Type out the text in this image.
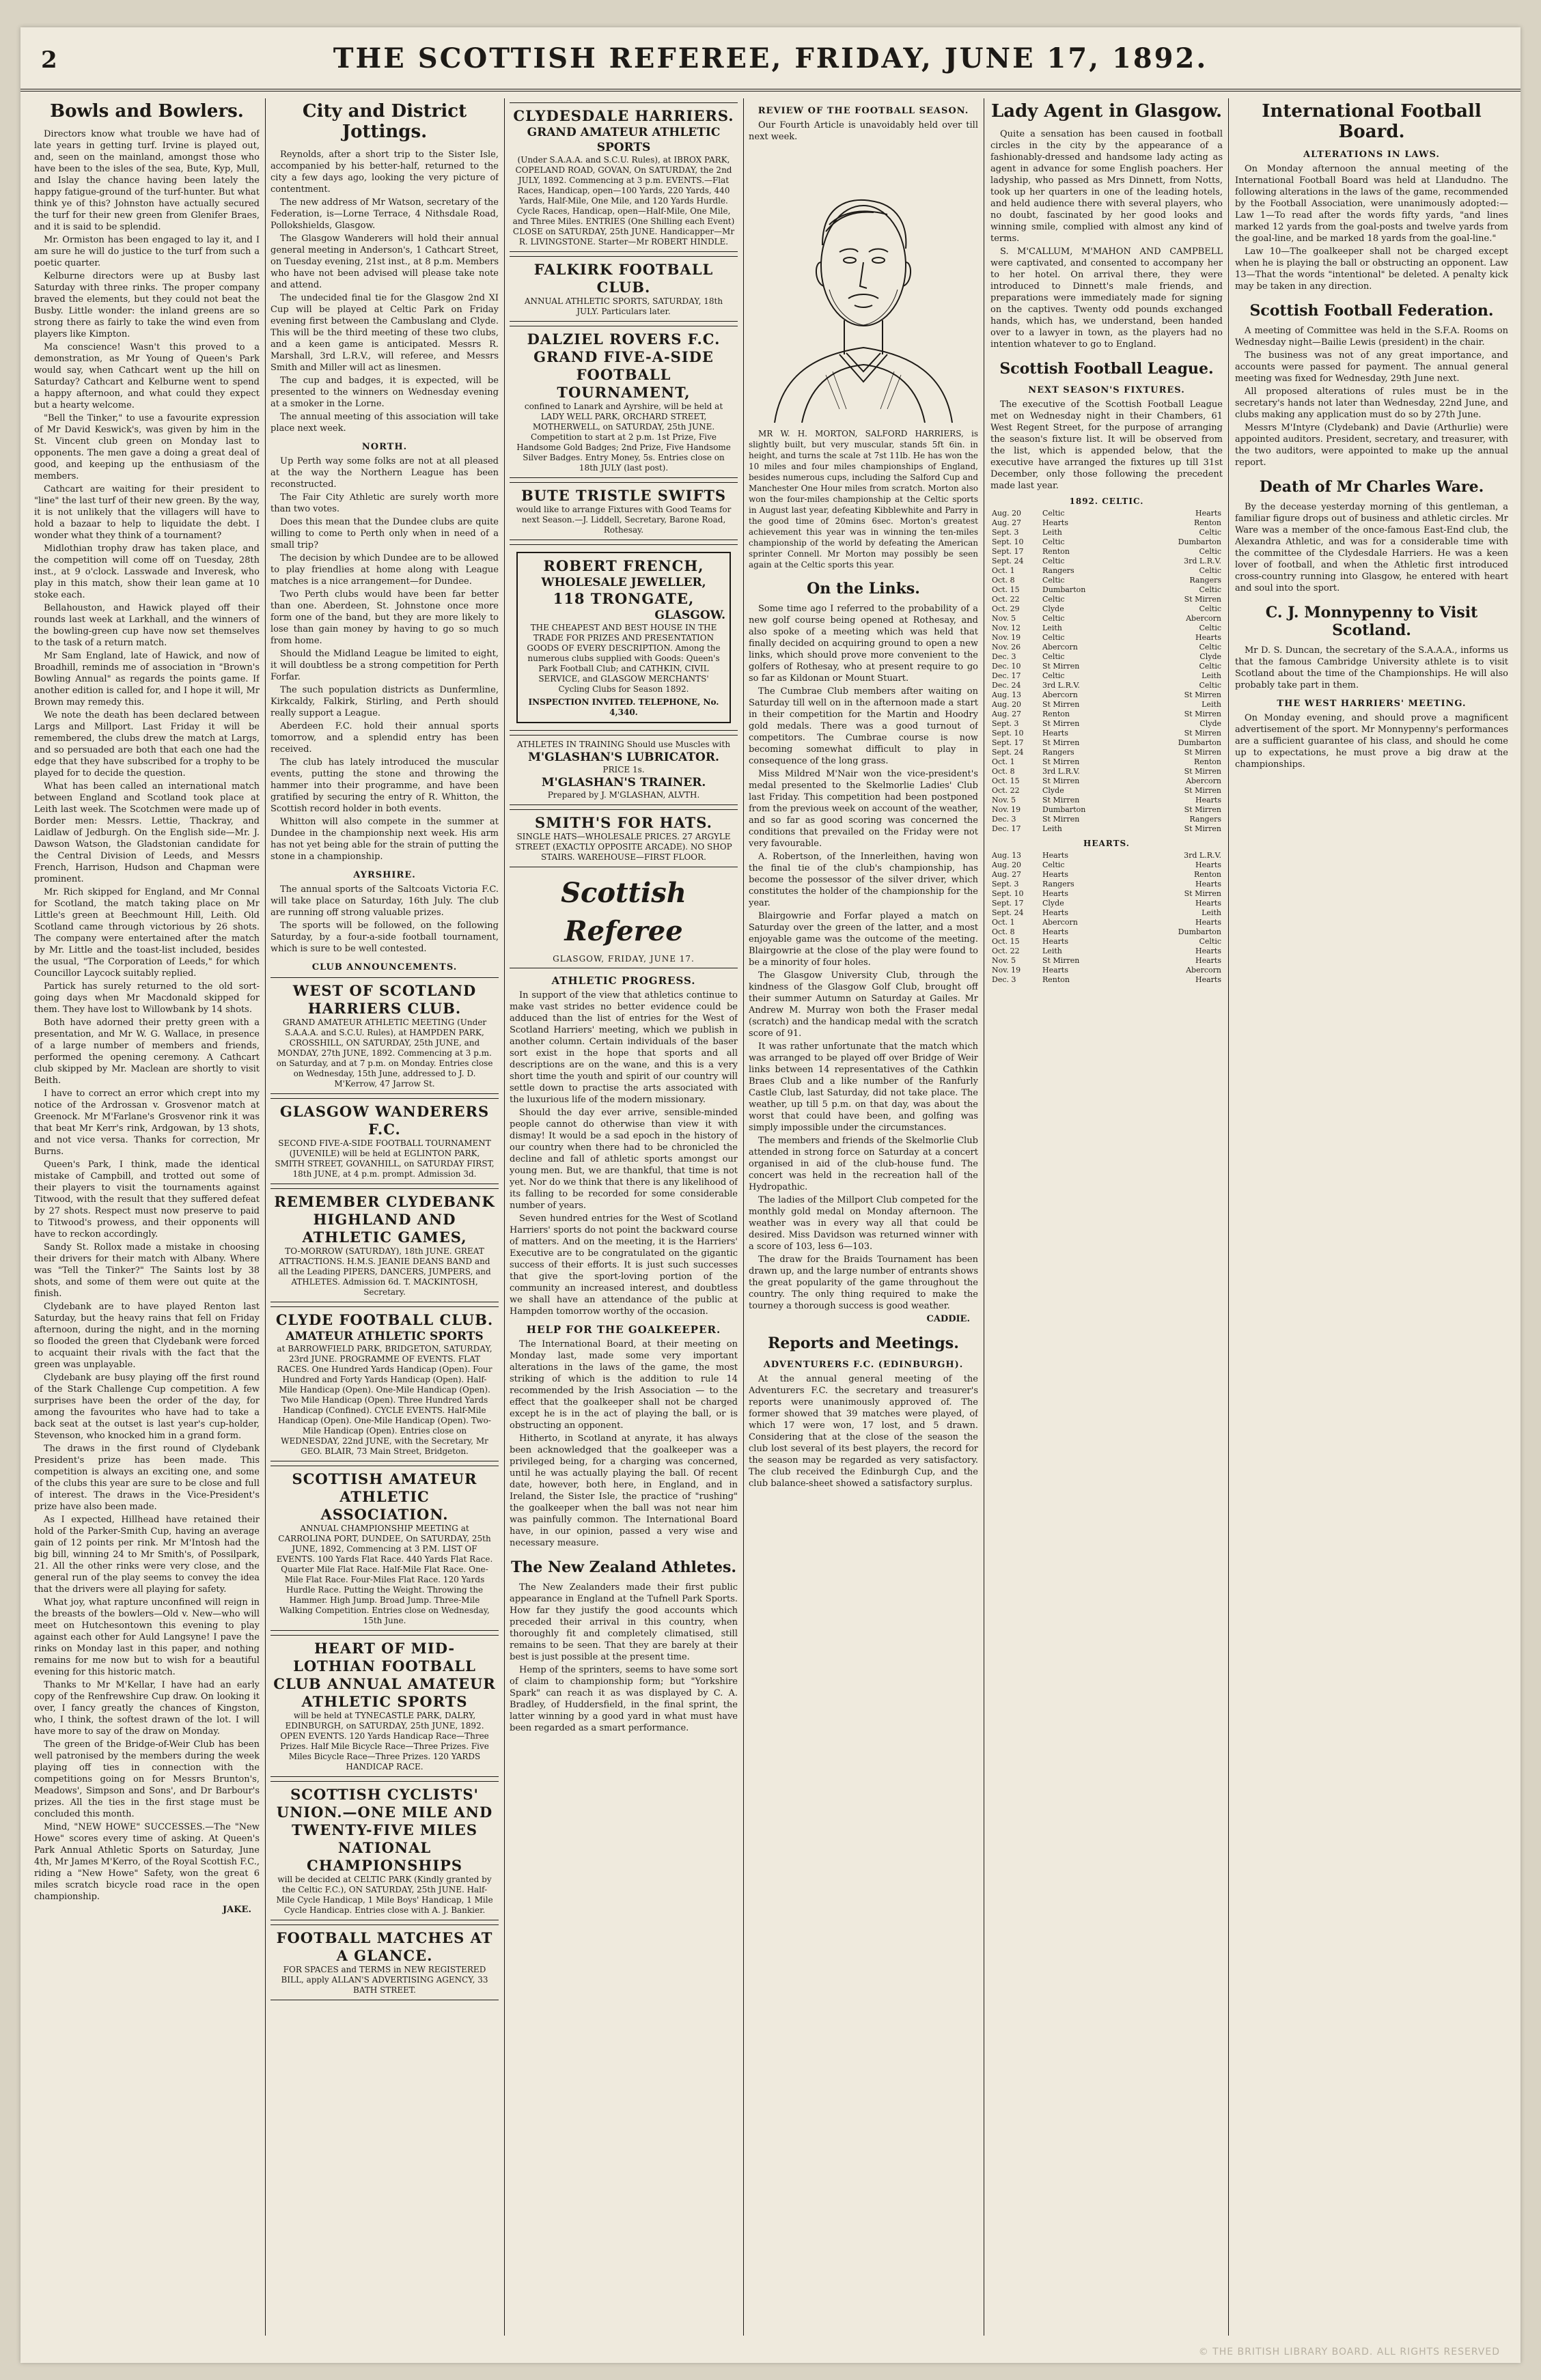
2	THE SCOTTISH REFEREE, FRIDAY, JUNE 17, 1892.
Bowls and Bowlers.

Directors know what trouble we have had of late years in getting turf. Irvine is played out, and, seen on the mainland, amongst those who have been to the isles of the sea, Bute, Kyp, Mull, and Islay the chance having been lately the happy fatigue-ground of the turf-hunter. But what think ye of this? Johnston have actually secured the turf for their new green from Glenifer Braes, and it is said to be splendid.

Mr. Ormiston has been engaged to lay it, and I am sure he will do justice to the turf from such a poetic quarter.

Kelburne directors were up at Busby last Saturday with three rinks. The proper company braved the elements, but they could not beat the Busby. Little wonder: the inland greens are so strong there as fairly to take the wind even from players like Kimpton.

Ma conscience! Wasn't this proved to a demonstration, as Mr Young of Queen's Park would say, when Cathcart went up the hill on Saturday? Cathcart and Kelburne went to spend a happy afternoon, and what could they expect but a hearty welcome.

"Bell the Tinker," to use a favourite expression of Mr David Keswick's, was given by him in the St. Vincent club green on Monday last to opponents. The men gave a doing a great deal of good, and keeping up the enthusiasm of the members.

Cathcart are waiting for their president to "line" the last turf of their new green. By the way, it is not unlikely that the villagers will have to hold a bazaar to help to liquidate the debt. I wonder what they think of a tournament?

Midlothian trophy draw has taken place, and the competition will come off on Tuesday, 28th inst., at 9 o'clock. Lasswade and Inveresk, who play in this match, show their lean game at 10 stoke each.

Bellahouston, and Hawick played off their rounds last week at Larkhall, and the winners of the bowling-green cup have now set themselves to the task of a return match.

Mr Sam England, late of Hawick, and now of Broadhill, reminds me of association in "Brown's Bowling Annual" as regards the points game. If another edition is called for, and I hope it will, Mr Brown may remedy this.

We note the death has been declared between Largs and Millport. Last Friday it will be remembered, the clubs drew the match at Largs, and so persuaded are both that each one had the edge that they have subscribed for a trophy to be played for to decide the question.

What has been called an international match between England and Scotland took place at Leith last week. The Scotchmen were made up of Border men: Messrs. Lettie, Thackray, and Laidlaw of Jedburgh. On the English side—Mr. J. Dawson Watson, the Gladstonian candidate for the Central Division of Leeds, and Messrs French, Harrison, Hudson and Chapman were prominent.

Mr. Rich skipped for England, and Mr Connal for Scotland, the match taking place on Mr Little's green at Beechmount Hill, Leith. Old Scotland came through victorious by 26 shots. The company were entertained after the match by Mr. Little and the toast-list included, besides the usual, "The Corporation of Leeds," for which Councillor Laycock suitably replied.

Partick has surely returned to the old sort-going days when Mr Macdonald skipped for them. They have lost to Willowbank by 14 shots.

Both have adorned their pretty green with a presentation, and Mr W. G. Wallace, in presence of a large number of members and friends, performed the opening ceremony. A Cathcart club skipped by Mr. Maclean are shortly to visit Beith.

I have to correct an error which crept into my notice of the Ardrossan v. Grosvenor match at Greenock. Mr M'Farlane's Grosvenor rink it was that beat Mr Kerr's rink, Ardgowan, by 13 shots, and not vice versa. Thanks for correction, Mr Burns.

Queen's Park, I think, made the identical mistake of Campbill, and trotted out some of their players to visit the tournaments against Titwood, with the result that they suffered defeat by 27 shots. Respect must now preserve to paid to Titwood's prowess, and their opponents will have to reckon accordingly.

Sandy St. Rollox made a mistake in choosing their drivers for their match with Albany. Where was "Tell the Tinker?" The Saints lost by 38 shots, and some of them were out quite at the finish.

Clydebank are to have played Renton last Saturday, but the heavy rains that fell on Friday afternoon, during the night, and in the morning so flooded the green that Clydebank were forced to acquaint their rivals with the fact that the green was unplayable.

Clydebank are busy playing off the first round of the Stark Challenge Cup competition. A few surprises have been the order of the day, for among the favourites who have had to take a back seat at the outset is last year's cup-holder, Stevenson, who knocked him in a grand form.

The draws in the first round of Clydebank President's prize has been made. This competition is always an exciting one, and some of the clubs this year are sure to be close and full of interest. The draws in the Vice-President's prize have also been made.

As I expected, Hillhead have retained their hold of the Parker-Smith Cup, having an average gain of 12 points per rink. Mr M'Intosh had the big bill, winning 24 to Mr Smith's, of Possilpark, 21. All the other rinks were very close, and the general run of the play seems to convey the idea that the drivers were all playing for safety.

What joy, what rapture unconfined will reign in the breasts of the bowlers—Old v. New—who will meet on Hutchesontown this evening to play against each other for Auld Langsyne! I pave the rinks on Monday last in this paper, and nothing remains for me now but to wish for a beautiful evening for this historic match.

Thanks to Mr M'Kellar, I have had an early copy of the Renfrewshire Cup draw. On looking it over, I fancy greatly the chances of Kingston, who, I think, the softest drawn of the lot. I will have more to say of the draw on Monday.

The green of the Bridge-of-Weir Club has been well patronised by the members during the week playing off ties in connection with the competitions going on for Messrs Brunton's, Meadows', Simpson and Sons', and Dr Barbour's prizes. All the ties in the first stage must be concluded this month.

Mind, "NEW HOWE" SUCCESSES.—The "New Howe" scores every time of asking. At Queen's Park Annual Athletic Sports on Saturday, June 4th, Mr James M'Kerro, of the Royal Scottish F.C., riding a "New Howe" Safety, won the great 6 miles scratch bicycle road race in the open championship.

JAKE.
City and District Jottings.

Reynolds, after a short trip to the Sister Isle, accompanied by his better-half, returned to the city a few days ago, looking the very picture of contentment.

The new address of Mr Watson, secretary of the Federation, is—Lorne Terrace, 4 Nithsdale Road, Pollokshields, Glasgow.

The Glasgow Wanderers will hold their annual general meeting in Anderson's, 1 Cathcart Street, on Tuesday evening, 21st inst., at 8 p.m. Members who have not been advised will please take note and attend.

The undecided final tie for the Glasgow 2nd XI Cup will be played at Celtic Park on Friday evening first between the Cambuslang and Clyde. This will be the third meeting of these two clubs, and a keen game is anticipated. Messrs R. Marshall, 3rd L.R.V., will referee, and Messrs Smith and Miller will act as linesmen.

The cup and badges, it is expected, will be presented to the winners on Wednesday evening at a smoker in the Lorne.

The annual meeting of this association will take place next week.

NORTH.

Up Perth way some folks are not at all pleased at the way the Northern League has been reconstructed.

The Fair City Athletic are surely worth more than two votes.

Does this mean that the Dundee clubs are quite willing to come to Perth only when in need of a small trip?

The decision by which Dundee are to be allowed to play friendlies at home along with League matches is a nice arrangement—for Dundee.

Two Perth clubs would have been far better than one. Aberdeen, St. Johnstone once more form one of the band, but they are more likely to lose than gain money by having to go so much from home.

Should the Midland League be limited to eight, it will doubtless be a strong competition for Perth Forfar.

The such population districts as Dunfermline, Kirkcaldy, Falkirk, Stirling, and Perth should really support a League.

Aberdeen F.C. hold their annual sports tomorrow, and a splendid entry has been received.

The club has lately introduced the muscular events, putting the stone and throwing the hammer into their programme, and have been gratified by securing the entry of R. Whitton, the Scottish record holder in both events.

Whitton will also compete in the summer at Dundee in the championship next week. His arm has not yet being able for the strain of putting the stone in a championship.

AYRSHIRE.

The annual sports of the Saltcoats Victoria F.C. will take place on Saturday, 16th July. The club are running off strong valuable prizes.

The sports will be followed, on the following Saturday, by a four-a-side football tournament, which is sure to be well contested.

CLUB ANNOUNCEMENTS.
WEST OF SCOTLAND HARRIERS CLUB.
GRAND AMATEUR ATHLETIC MEETING (Under S.A.A.A. and S.C.U. Rules), at HAMPDEN PARK, CROSSHILL, ON SATURDAY, 25th JUNE, and MONDAY, 27th JUNE, 1892. Commencing at 3 p.m. on Saturday, and at 7 p.m. on Monday. Entries close on Wednesday, 15th June, addressed to J. D. M'Kerrow, 47 Jarrow St.
GLASGOW WANDERERS F.C.
SECOND FIVE-A-SIDE FOOTBALL TOURNAMENT (JUVENILE) will be held at EGLINTON PARK, SMITH STREET, GOVANHILL, on SATURDAY FIRST, 18th JUNE, at 4 p.m. prompt. Admission 3d.
REMEMBER CLYDEBANK HIGHLAND AND ATHLETIC GAMES,
TO-MORROW (SATURDAY), 18th JUNE. GREAT ATTRACTIONS. H.M.S. JEANIE DEANS BAND and all the Leading PIPERS, DANCERS, JUMPERS, and ATHLETES. Admission 6d. T. MACKINTOSH, Secretary.
CLYDE FOOTBALL CLUB.
AMATEUR ATHLETIC SPORTS
at BARROWFIELD PARK, BRIDGETON, SATURDAY, 23rd JUNE. PROGRAMME OF EVENTS. FLAT RACES. One Hundred Yards Handicap (Open). Four Hundred and Forty Yards Handicap (Open). Half-Mile Handicap (Open). One-Mile Handicap (Open). Two Mile Handicap (Open). Three Hundred Yards Handicap (Confined). CYCLE EVENTS. Half-Mile Handicap (Open). One-Mile Handicap (Open). Two-Mile Handicap (Open). Entries close on WEDNESDAY, 22nd JUNE, with the Secretary, Mr GEO. BLAIR, 73 Main Street, Bridgeton.
SCOTTISH AMATEUR ATHLETIC ASSOCIATION.
ANNUAL CHAMPIONSHIP MEETING at CARROLINA PORT, DUNDEE, On SATURDAY, 25th JUNE, 1892, Commencing at 3 P.M. LIST OF EVENTS. 100 Yards Flat Race. 440 Yards Flat Race. Quarter Mile Flat Race. Half-Mile Flat Race. One-Mile Flat Race. Four-Miles Flat Race. 120 Yards Hurdle Race. Putting the Weight. Throwing the Hammer. High Jump. Broad Jump. Three-Mile Walking Competition. Entries close on Wednesday, 15th June.
HEART OF MID-LOTHIAN FOOTBALL CLUB ANNUAL AMATEUR ATHLETIC SPORTS
will be held at TYNECASTLE PARK, DALRY, EDINBURGH, on SATURDAY, 25th JUNE, 1892. OPEN EVENTS. 120 Yards Handicap Race—Three Prizes. Half Mile Bicycle Race—Three Prizes. Five Miles Bicycle Race—Three Prizes. 120 YARDS HANDICAP RACE.
SCOTTISH CYCLISTS' UNION.—ONE MILE AND TWENTY-FIVE MILES NATIONAL CHAMPIONSHIPS
will be decided at CELTIC PARK (Kindly granted by the Celtic F.C.), ON SATURDAY, 25th JUNE. Half-Mile Cycle Handicap, 1 Mile Boys' Handicap, 1 Mile Cycle Handicap. Entries close with A. J. Bankier.
FOOTBALL MATCHES AT A GLANCE.
FOR SPACES and TERMS in NEW REGISTERED BILL, apply ALLAN'S ADVERTISING AGENCY, 33 BATH STREET.
CLYDESDALE HARRIERS.
GRAND AMATEUR ATHLETIC SPORTS
(Under S.A.A.A. and S.C.U. Rules), at IBROX PARK, COPELAND ROAD, GOVAN, On SATURDAY, the 2nd JULY, 1892. Commencing at 3 p.m. EVENTS.—Flat Races, Handicap, open—100 Yards, 220 Yards, 440 Yards, Half-Mile, One Mile, and 120 Yards Hurdle. Cycle Races, Handicap, open—Half-Mile, One Mile, and Three Miles. ENTRIES (One Shilling each Event) CLOSE on SATURDAY, 25th JUNE. Handicapper—Mr R. LIVINGSTONE. Starter—Mr ROBERT HINDLE.
FALKIRK FOOTBALL CLUB.
ANNUAL ATHLETIC SPORTS, SATURDAY, 18th JULY. Particulars later.
DALZIEL ROVERS F.C. GRAND FIVE-A-SIDE FOOTBALL TOURNAMENT,
confined to Lanark and Ayrshire, will be held at LADY WELL PARK, ORCHARD STREET, MOTHERWELL, on SATURDAY, 25th JUNE. Competition to start at 2 p.m. 1st Prize, Five Handsome Gold Badges; 2nd Prize, Five Handsome Silver Badges. Entry Money, 5s. Entries close on 18th JULY (last post).
BUTE TRISTLE SWIFTS
would like to arrange Fixtures with Good Teams for next Season.—J. Liddell, Secretary, Barone Road, Rothesay.
ROBERT FRENCH,
WHOLESALE JEWELLER,
118 TRONGATE,
GLASGOW.
THE CHEAPEST AND BEST HOUSE IN THE TRADE FOR PRIZES AND PRESENTATION GOODS OF EVERY DESCRIPTION. Among the numerous clubs supplied with Goods: Queen's Park Football Club; and CATHKIN, CIVIL SERVICE, and GLASGOW MERCHANTS' Cycling Clubs for Season 1892.
INSPECTION INVITED. TELEPHONE, No. 4,340.
ATHLETES IN TRAINING Should use Muscles with
M'GLASHAN'S LUBRICATOR.
PRICE 1s.
M'GLASHAN'S TRAINER.
Prepared by J. M'GLASHAN, ALVTH.
SMITH'S FOR HATS.
SINGLE HATS—WHOLESALE PRICES. 27 ARGYLE STREET (EXACTLY OPPOSITE ARCADE). NO SHOP STAIRS. WAREHOUSE—FIRST FLOOR.
Scottish Referee
GLASGOW, FRIDAY, JUNE 17.
ATHLETIC PROGRESS.

In support of the view that athletics continue to make vast strides no better evidence could be adduced than the list of entries for the West of Scotland Harriers' meeting, which we publish in another column. Certain individuals of the baser sort exist in the hope that sports and all descriptions are on the wane, and this is a very short time the youth and spirit of our country will settle down to practise the arts associated with the luxurious life of the modern missionary.

Should the day ever arrive, sensible-minded people cannot do otherwise than view it with dismay! It would be a sad epoch in the history of our country when there had to be chronicled the decline and fall of athletic sports amongst our young men. But, we are thankful, that time is not yet. Nor do we think that there is any likelihood of its falling to be recorded for some considerable number of years.

Seven hundred entries for the West of Scotland Harriers' sports do not point the backward course of matters. And on the meeting, it is the Harriers' Executive are to be congratulated on the gigantic success of their efforts. It is just such successes that give the sport-loving portion of the community an increased interest, and doubtless we shall have an attendance of the public at Hampden tomorrow worthy of the occasion.

HELP FOR THE GOALKEEPER.

The International Board, at their meeting on Monday last, made some very important alterations in the laws of the game, the most striking of which is the addition to rule 14 recommended by the Irish Association — to the effect that the goalkeeper shall not be charged except he is in the act of playing the ball, or is obstructing an opponent.

Hitherto, in Scotland at anyrate, it has always been acknowledged that the goalkeeper was a privileged being, for a charging was concerned, until he was actually playing the ball. Of recent date, however, both here, in England, and in Ireland, the Sister Isle, the practice of "rushing" the goalkeeper when the ball was not near him was painfully common. The International Board have, in our opinion, passed a very wise and necessary measure.

The New Zealand Athletes.

The New Zealanders made their first public appearance in England at the Tufnell Park Sports. How far they justify the good accounts which preceded their arrival in this country, when thoroughly fit and completely climatised, still remains to be seen. That they are barely at their best is just possible at the present time.

Hemp of the sprinters, seems to have some sort of claim to championship form; but "Yorkshire Spark" can reach it as was displayed by C. A. Bradley, of Huddersfield, in the final sprint, the latter winning by a good yard in what must have been regarded as a smart performance.

REVIEW OF THE FOOTBALL SEASON.

Our Fourth Article is unavoidably held over till next week.

MR W. H. MORTON, SALFORD HARRIERS, is slightly built, but very muscular, stands 5ft 6in. in height, and turns the scale at 7st 11lb. He has won the 10 miles and four miles championships of England, besides numerous cups, including the Salford Cup and Manchester One Hour miles from scratch. Morton also won the four-miles championship at the Celtic sports in August last year, defeating Kibblewhite and Parry in the good time of 20mins 6sec. Morton's greatest achievement this year was in winning the ten-miles championship of the world by defeating the American sprinter Connell. Mr Morton may possibly be seen again at the Celtic sports this year.

On the Links.

Some time ago I referred to the probability of a new golf course being opened at Rothesay, and also spoke of a meeting which was held that finally decided on acquiring ground to open a new links, which should prove more convenient to the golfers of Rothesay, who at present require to go so far as Kildonan or Mount Stuart.

The Cumbrae Club members after waiting on Saturday till well on in the afternoon made a start in their competition for the Martin and Hoodry gold medals. There was a good turnout of competitors. The Cumbrae course is now becoming somewhat difficult to play in consequence of the long grass.

Miss Mildred M'Nair won the vice-president's medal presented to the Skelmorlie Ladies' Club last Friday. This competition had been postponed from the previous week on account of the weather, and so far as good scoring was concerned the conditions that prevailed on the Friday were not very favourable.

A. Robertson, of the Innerleithen, having won the final tie of the club's championship, has become the possessor of the silver driver, which constitutes the holder of the championship for the year.

Blairgowrie and Forfar played a match on Saturday over the green of the latter, and a most enjoyable game was the outcome of the meeting. Blairgowrie at the close of the play were found to be a minority of four holes.

The Glasgow University Club, through the kindness of the Glasgow Golf Club, brought off their summer Autumn on Saturday at Gailes. Mr Andrew M. Murray won both the Fraser medal (scratch) and the handicap medal with the scratch score of 91.

It was rather unfortunate that the match which was arranged to be played off over Bridge of Weir links between 14 representatives of the Cathkin Braes Club and a like number of the Ranfurly Castle Club, last Saturday, did not take place. The weather, up till 5 p.m. on that day, was about the worst that could have been, and golfing was simply impossible under the circumstances.

The members and friends of the Skelmorlie Club attended in strong force on Saturday at a concert organised in aid of the club-house fund. The concert was held in the recreation hall of the Hydropathic.

The ladies of the Millport Club competed for the monthly gold medal on Monday afternoon. The weather was in every way all that could be desired. Miss Davidson was returned winner with a score of 103, less 6—103.

The draw for the Braids Tournament has been drawn up, and the large number of entrants shows the great popularity of the game throughout the country. The only thing required to make the tourney a thorough success is good weather.

CADDIE.
Reports and Meetings.
ADVENTURERS F.C. (EDINBURGH).

At the annual general meeting of the Adventurers F.C. the secretary and treasurer's reports were unanimously approved of. The former showed that 39 matches were played, of which 17 were won, 17 lost, and 5 drawn. Considering that at the close of the season the club lost several of its best players, the record for the season may be regarded as very satisfactory. The club received the Edinburgh Cup, and the club balance-sheet showed a satisfactory surplus.

Lady Agent in Glasgow.

Quite a sensation has been caused in football circles in the city by the appearance of a fashionably-dressed and handsome lady acting as agent in advance for some English poachers. Her ladyship, who passed as Mrs Dinnett, from Notts, took up her quarters in one of the leading hotels, and held audience there with several players, who no doubt, fascinated by her good looks and winning smile, complied with almost any kind of terms.

S. M'CALLUM, M'MAHON AND CAMPBELL were captivated, and consented to accompany her to her hotel. On arrival there, they were introduced to Dinnett's male friends, and preparations were immediately made for signing on the captives. Twenty odd pounds exchanged hands, which has, we understand, been handed over to a lawyer in town, as the players had no intention whatever to go to England.

Scottish Football League.
NEXT SEASON'S FIXTURES.

The executive of the Scottish Football League met on Wednesday night in their Chambers, 61 West Regent Street, for the purpose of arranging the season's fixture list. It will be observed from the list, which is appended below, that the executive have arranged the fixtures up till 31st December, only those following the precedent made last year.

1892. CELTIC.
Aug. 20	Celtic	Hearts
Aug. 27	Hearts	Renton
Sept. 3	Leith	Celtic
Sept. 10	Celtic	Dumbarton
Sept. 17	Renton	Celtic
Sept. 24	Celtic	3rd L.R.V.
Oct. 1	Rangers	Celtic
Oct. 8	Celtic	Rangers
Oct. 15	Dumbarton	Celtic
Oct. 22	Celtic	St Mirren
Oct. 29	Clyde	Celtic
Nov. 5	Celtic	Abercorn
Nov. 12	Leith	Celtic
Nov. 19	Celtic	Hearts
Nov. 26	Abercorn	Celtic
Dec. 3	Celtic	Clyde
Dec. 10	St Mirren	Celtic
Dec. 17	Celtic	Leith
Dec. 24	3rd L.R.V.	Celtic
Aug. 13	Abercorn	St Mirren
Aug. 20	St Mirren	Leith
Aug. 27	Renton	St Mirren
Sept. 3	St Mirren	Clyde
Sept. 10	Hearts	St Mirren
Sept. 17	St Mirren	Dumbarton
Sept. 24	Rangers	St Mirren
Oct. 1	St Mirren	Renton
Oct. 8	3rd L.R.V.	St Mirren
Oct. 15	St Mirren	Abercorn
Oct. 22	Clyde	St Mirren
Nov. 5	St Mirren	Hearts
Nov. 19	Dumbarton	St Mirren
Dec. 3	St Mirren	Rangers
Dec. 17	Leith	St Mirren
HEARTS.
Aug. 13	Hearts	3rd L.R.V.
Aug. 20	Celtic	Hearts
Aug. 27	Hearts	Renton
Sept. 3	Rangers	Hearts
Sept. 10	Hearts	St Mirren
Sept. 17	Clyde	Hearts
Sept. 24	Hearts	Leith
Oct. 1	Abercorn	Hearts
Oct. 8	Hearts	Dumbarton
Oct. 15	Hearts	Celtic
Oct. 22	Leith	Hearts
Nov. 5	St Mirren	Hearts
Nov. 19	Hearts	Abercorn
Dec. 3	Renton	Hearts
International Football Board.
ALTERATIONS IN LAWS.

On Monday afternoon the annual meeting of the International Football Board was held at Llandudno. The following alterations in the laws of the game, recommended by the Football Association, were unanimously adopted:—Law 1—To read after the words fifty yards, "and lines marked 12 yards from the goal-posts and twelve yards from the goal-line, and be marked 18 yards from the goal-line."

Law 10—The goalkeeper shall not be charged except when he is playing the ball or obstructing an opponent. Law 13—That the words "intentional" be deleted. A penalty kick may be taken in any direction.

Scottish Football Federation.

A meeting of Committee was held in the S.F.A. Rooms on Wednesday night—Bailie Lewis (president) in the chair.

The business was not of any great importance, and accounts were passed for payment. The annual general meeting was fixed for Wednesday, 29th June next.

All proposed alterations of rules must be in the secretary's hands not later than Wednesday, 22nd June, and clubs making any application must do so by 27th June.

Messrs M'Intyre (Clydebank) and Davie (Arthurlie) were appointed auditors. President, secretary, and treasurer, with the two auditors, were appointed to make up the annual report.

Death of Mr Charles Ware.

By the decease yesterday morning of this gentleman, a familiar figure drops out of business and athletic circles. Mr Ware was a member of the once-famous East-End club, the Alexandra Athletic, and was for a considerable time with the committee of the Clydesdale Harriers. He was a keen lover of football, and when the Athletic first introduced cross-country running into Glasgow, he entered with heart and soul into the sport.

C. J. Monnypenny to Visit Scotland.

Mr D. S. Duncan, the secretary of the S.A.A.A., informs us that the famous Cambridge University athlete is to visit Scotland about the time of the Championships. He will also probably take part in them.

THE WEST HARRIERS' MEETING.

On Monday evening, and should prove a magnificent advertisement of the sport. Mr Monnypenny's performances are a sufficient guarantee of his class, and should he come up to expectations, he must prove a big draw at the championships.

© THE BRITISH LIBRARY BOARD. ALL RIGHTS RESERVED
